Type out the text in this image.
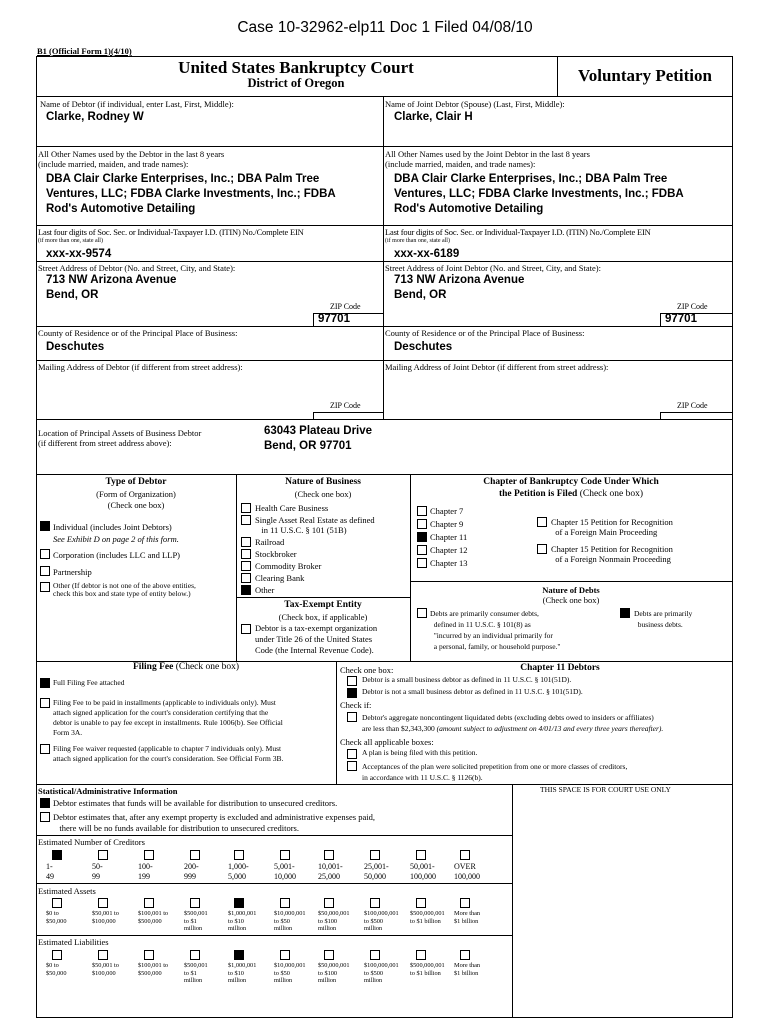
Case 10-32962-elp11 Doc 1 Filed 04/08/10
B1 (Official Form 1)(4/10)
United States Bankruptcy Court
District of Oregon	Voluntary Petition
Name of Debtor (if individual, enter Last, First, Middle):
Clarke, Rodney W
Name of Joint Debtor (Spouse) (Last, First, Middle):
Clarke, Clair H
All Other Names used by the Debtor in the last 8 years
(include married, maiden, and trade names):
DBA Clair Clarke Enterprises, Inc.; DBA Palm Tree
Ventures, LLC; FDBA Clarke Investments, Inc.; FDBA
Rod's Automotive Detailing
All Other Names used by the Joint Debtor in the last 8 years
(include married, maiden, and trade names):
DBA Clair Clarke Enterprises, Inc.; DBA Palm Tree
Ventures, LLC; FDBA Clarke Investments, Inc.; FDBA
Rod's Automotive Detailing
Last four digits of Soc. Sec. or Individual-Taxpayer I.D. (ITIN) No./Complete EIN
(if more than one, state all)
xxx-xx-9574
Last four digits of Soc. Sec. or Individual-Taxpayer I.D. (ITIN) No./Complete EIN
(if more than one, state all)
xxx-xx-6189
Street Address of Debtor (No. and Street, City, and State):
713 NW Arizona Avenue
Bend, OR
ZIP Code
97701
Street Address of Joint Debtor (No. and Street, City, and State):
713 NW Arizona Avenue
Bend, OR
ZIP Code
97701
County of Residence or of the Principal Place of Business:
Deschutes
County of Residence or of the Principal Place of Business:
Deschutes
Mailing Address of Debtor (if different from street address):
ZIP Code
Mailing Address of Joint Debtor (if different from street address):
ZIP Code
Location of Principal Assets of Business Debtor
(if different from street address above):
63043 Plateau Drive
Bend, OR 97701
Type of Debtor
(Form of Organization)
(Check one box)
Individual (includes Joint Debtors)
See Exhibit D on page 2 of this form.
Corporation (includes LLC and LLP)
Partnership
Other (If debtor is not one of the above entities,
check this box and state type of entity below.)
Nature of Business
(Check one box)
Health Care Business
Single Asset Real Estate as defined
in 11 U.S.C. § 101 (51B)
Railroad
Stockbroker
Commodity Broker
Clearing Bank
Other
Tax-Exempt Entity
(Check box, if applicable)
Debtor is a tax-exempt organization
under Title 26 of the United States
Code (the Internal Revenue Code).
Chapter of Bankruptcy Code Under Which
the Petition is Filed (Check one box)
Chapter 7
Chapter 9
Chapter 11
Chapter 12
Chapter 13
Chapter 15 Petition for Recognition
of a Foreign Main Proceeding
Chapter 15 Petition for Recognition
of a Foreign Nonmain Proceeding
Nature of Debts
(Check one box)
Debts are primarily consumer debts,
defined in 11 U.S.C. § 101(8) as
"incurred by an individual primarily for
a personal, family, or household purpose."
Debts are primarily
business debts.
Filing Fee (Check one box)
Full Filing Fee attached
Filing Fee to be paid in installments (applicable to individuals only). Must
attach signed application for the court's consideration certifying that the
debtor is unable to pay fee except in installments. Rule 1006(b). See Official
Form 3A.
Filing Fee waiver requested (applicable to chapter 7 individuals only). Must
attach signed application for the court's consideration. See Official Form 3B.
Check one box:	Chapter 11 Debtors
Debtor is a small business debtor as defined in 11 U.S.C. § 101(51D).
Debtor is not a small business debtor as defined in 11 U.S.C. § 101(51D).
Check if:
Debtor's aggregate noncontingent liquidated debts (excluding debts owed to insiders or affiliates)
are less than $2,343,300 (amount subject to adjustment on 4/01/13 and every three years thereafter).
Check all applicable boxes:
A plan is being filed with this petition.
Acceptances of the plan were solicited prepetition from one or more classes of creditors,
in accordance with 11 U.S.C. § 1126(b).
Statistical/Administrative Information	THIS SPACE IS FOR COURT USE ONLY
Debtor estimates that funds will be available for distribution to unsecured creditors.
Debtor estimates that, after any exempt property is excluded and administrative expenses paid,
there will be no funds available for distribution to unsecured creditors.
Estimated Number of Creditors
1-
49

50-
99

100-
199

200-
999

1,000-
5,000

5,001-
10,000

10,001-
25,000

25,001-
50,000

50,001-
100,000

OVER
100,000

Estimated Assets
$0 to
$50,000

$50,001 to
$100,000

$100,001 to
$500,000

$500,001
to $1
million
$1,000,001
to $10
million
$10,000,001
to $50
million
$50,000,001
to $100
million
$100,000,001
to $500
million
$500,000,001
to $1 billion

More than
$1 billion

Estimated Liabilities
$0 to
$50,000

$50,001 to
$100,000

$100,001 to
$500,000

$500,001
to $1
million
$1,000,001
to $10
million
$10,000,001
to $50
million
$50,000,001
to $100
million
$100,000,001
to $500
million
$500,000,001
to $1 billion

More than
$1 billion
